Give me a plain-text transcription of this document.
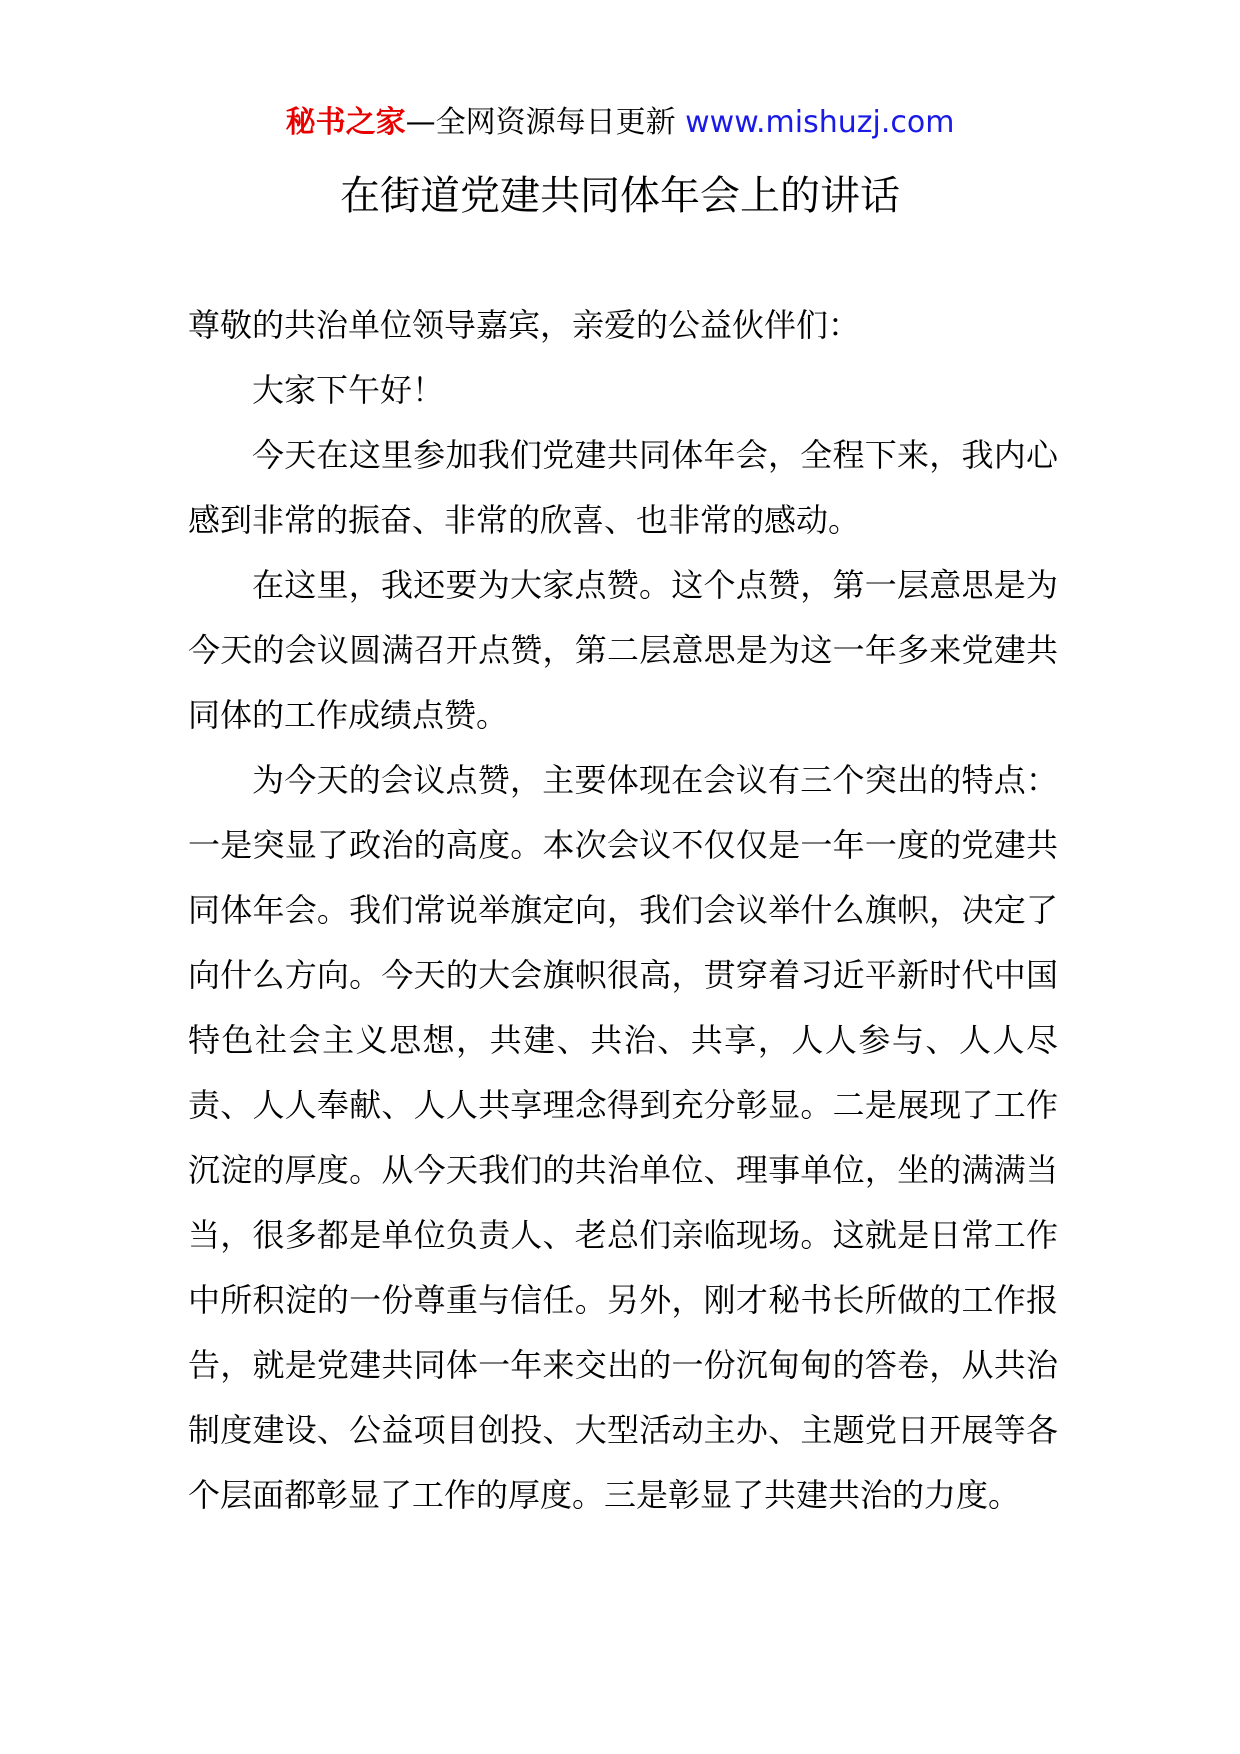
秘书之家—全网资源每日更新 www.mishuzj.com
在街道党建共同体年会上的讲话

尊敬的共治单位领导嘉宾，亲爱的公益伙伴们：

大家下午好！

今天在这里参加我们党建共同体年会，全程下来，我内心感到非常的振奋、非常的欣喜、也非常的感动。

在这里，我还要为大家点赞。这个点赞，第一层意思是为今天的会议圆满召开点赞，第二层意思是为这一年多来党建共同体的工作成绩点赞。

为今天的会议点赞，主要体现在会议有三个突出的特点：一是突显了政治的高度。本次会议不仅仅是一年一度的党建共同体年会。我们常说举旗定向，我们会议举什么旗帜，决定了向什么方向。今天的大会旗帜很高，贯穿着习近平新时代中国特色社会主义思想，共建、共治、共享，人人参与、人人尽责、人人奉献、人人共享理念得到充分彰显。二是展现了工作沉淀的厚度。从今天我们的共治单位、理事单位，坐的满满当当，很多都是单位负责人、老总们亲临现场。这就是日常工作中所积淀的一份尊重与信任。另外，刚才秘书长所做的工作报告，就是党建共同体一年来交出的一份沉甸甸的答卷，从共治制度建设、公益项目创投、大型活动主办、主题党日开展等各个层面都彰显了工作的厚度。三是彰显了共建共治的力度。
